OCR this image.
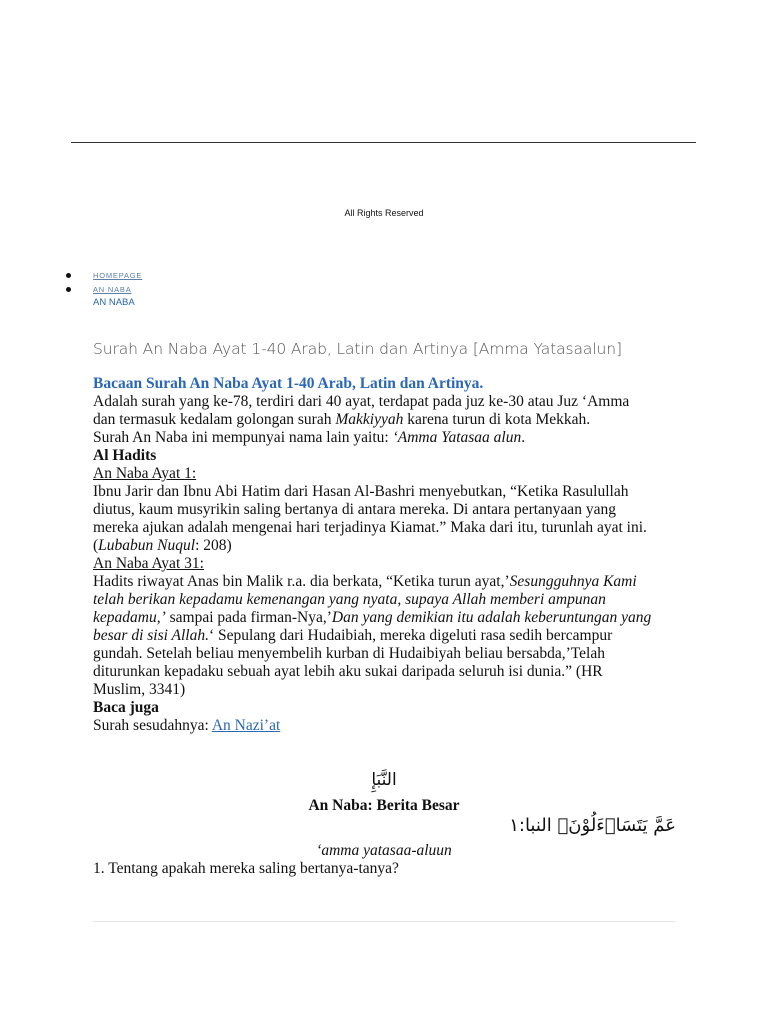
All Rights Reserved
HOMEPAGE
AN NABA
AN NABA
Surah An Naba Ayat 1-40 Arab, Latin dan Artinya [Amma Yatasaalun]

Bacaan Surah An Naba Ayat 1-40 Arab, Latin dan Artinya.

Adalah surah yang ke-78, terdiri dari 40 ayat, terdapat pada juz ke-30 atau Juz ‘Amma dan termasuk kedalam golongan surah Makkiyyah karena turun di kota Mekkah.

Surah An Naba ini mempunyai nama lain yaitu: ‘Amma Yatasaa alun.

Al Hadits

An Naba Ayat 1:

Ibnu Jarir dan Ibnu Abi Hatim dari Hasan Al-Bashri menyebutkan, “Ketika Rasulullah diutus, kaum musyrikin saling bertanya di antara mereka. Di antara pertanyaan yang mereka ajukan adalah mengenai hari terjadinya Kiamat.” Maka dari itu, turunlah ayat ini. (Lubabun Nuqul: 208)

An Naba Ayat 31:

Hadits riwayat Anas bin Malik r.a. dia berkata, “Ketika turun ayat,’Sesungguhnya Kami telah berikan kepadamu kemenangan yang nyata, supaya Allah memberi ampunan kepadamu,’ sampai pada firman-Nya,’Dan yang demikian itu adalah keberuntungan yang besar di sisi Allah.‘ Sepulang dari Hudaibiah, mereka digeluti rasa sedih bercampur gundah. Setelah beliau menyembelih kurban di Hudaibiyah beliau bersabda,’Telah diturunkan kepadaku sebuah ayat lebih aku sukai daripada seluruh isi dunia.” (HR Muslim, 3341)

Baca juga

Surah sesudahnya: An Nazi’at

النَّبَإِ
An Naba: Berita Besar
عَمَّ يَتَسَاۤءَلُوْنَۚ النبا:١
‘amma yatasaa-aluun
1. Tentang apakah mereka saling bertanya-tanya?
